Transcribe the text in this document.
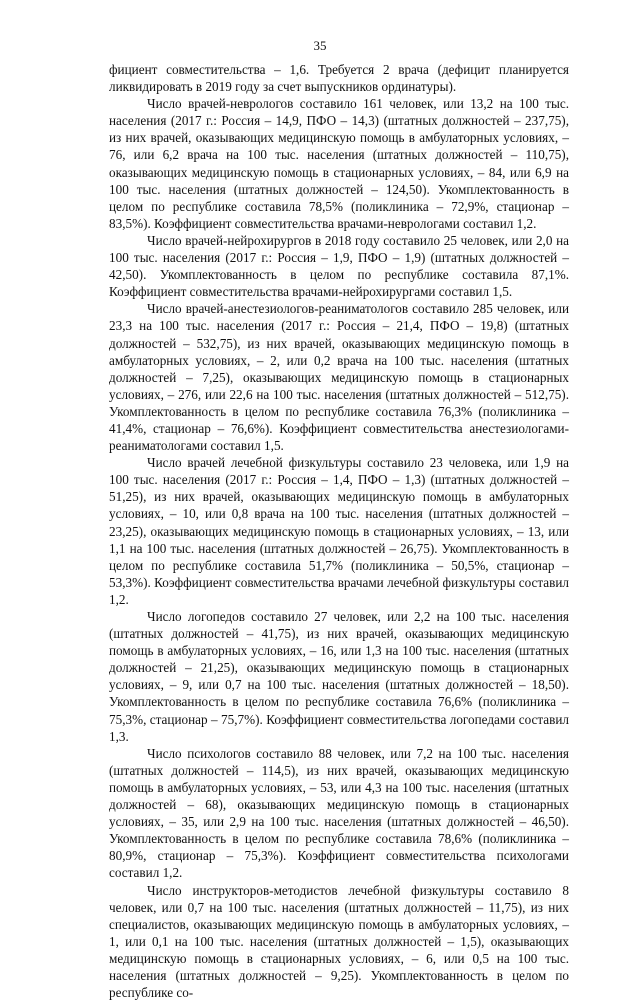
35

фициент совместительства – 1,6. Требуется 2 врача (дефицит планируется ликвидировать в 2019 году за счет выпускников ординатуры).

Число врачей-неврологов составило 161 человек, или 13,2 на 100 тыс. населения (2017 г.: Россия – 14,9, ПФО – 14,3) (штатных должностей – 237,75), из них врачей, оказывающих медицинскую помощь в амбулаторных условиях, – 76, или 6,2 врача на 100 тыс. населения (штатных должностей – 110,75), оказывающих медицинскую помощь в стационарных условиях, – 84, или 6,9 на 100 тыс. населения (штатных должностей – 124,50). Укомплектованность в целом по республике составила 78,5% (поликлиника – 72,9%, стационар – 83,5%). Коэффициент совместительства врачами-неврологами составил 1,2.

Число врачей-нейрохирургов в 2018 году составило 25 человек, или 2,0 на 100 тыс. населения (2017 г.: Россия – 1,9, ПФО – 1,9) (штатных должностей – 42,50). Укомплектованность в целом по республике составила 87,1%. Коэффициент совместительства врачами-нейрохирургами составил 1,5.

Число врачей-анестезиологов-реаниматологов составило 285 человек, или 23,3 на 100 тыс. населения (2017 г.: Россия – 21,4, ПФО – 19,8) (штатных должностей – 532,75), из них врачей, оказывающих медицинскую помощь в амбулаторных условиях, – 2, или 0,2 врача на 100 тыс. населения (штатных должностей – 7,25), оказывающих медицинскую помощь в стационарных условиях, – 276, или 22,6 на 100 тыс. населения (штатных должностей – 512,75). Укомплектованность в целом по республике составила 76,3% (поликлиника – 41,4%, стационар – 76,6%). Коэффициент совместительства анестезиологами-реаниматологами составил 1,5.

Число врачей лечебной физкультуры составило 23 человека, или 1,9 на 100 тыс. населения (2017 г.: Россия – 1,4, ПФО – 1,3) (штатных должностей – 51,25), из них врачей, оказывающих медицинскую помощь в амбулаторных условиях, – 10, или 0,8 врача на 100 тыс. населения (штатных должностей – 23,25), оказывающих медицинскую помощь в стационарных условиях, – 13, или 1,1 на 100 тыс. населения (штатных должностей – 26,75). Укомплектованность в целом по республике составила 51,7% (поликлиника – 50,5%, стационар – 53,3%). Коэффициент совместительства врачами лечебной физкультуры составил 1,2.

Число логопедов составило 27 человек, или 2,2 на 100 тыс. населения (штатных должностей – 41,75), из них врачей, оказывающих медицинскую помощь в амбулаторных условиях, – 16, или 1,3 на 100 тыс. населения (штатных должностей – 21,25), оказывающих медицинскую помощь в стационарных условиях, – 9, или 0,7 на 100 тыс. населения (штатных должностей – 18,50). Укомплектованность в целом по республике составила 76,6% (поликлиника – 75,3%, стационар – 75,7%). Коэффициент совместительства логопедами составил 1,3.

Число психологов составило 88 человек, или 7,2 на 100 тыс. населения (штатных должностей – 114,5), из них врачей, оказывающих медицинскую помощь в амбулаторных условиях, – 53, или 4,3 на 100 тыс. населения (штатных должностей – 68), оказывающих медицинскую помощь в стационарных условиях, – 35, или 2,9 на 100 тыс. населения (штатных должностей – 46,50). Укомплектованность в целом по республике составила 78,6% (поликлиника – 80,9%, стационар – 75,3%). Коэффициент совместительства психологами составил 1,2.

Число инструкторов-методистов лечебной физкультуры составило 8 человек, или 0,7 на 100 тыс. населения (штатных должностей – 11,75), из них специалистов, оказывающих медицинскую помощь в амбулаторных условиях, – 1, или 0,1 на 100 тыс. населения (штатных должностей – 1,5), оказывающих медицинскую помощь в стационарных условиях, – 6, или 0,5 на 100 тыс. населения (штатных должностей – 9,25). Укомплектованность в целом по республике со-
